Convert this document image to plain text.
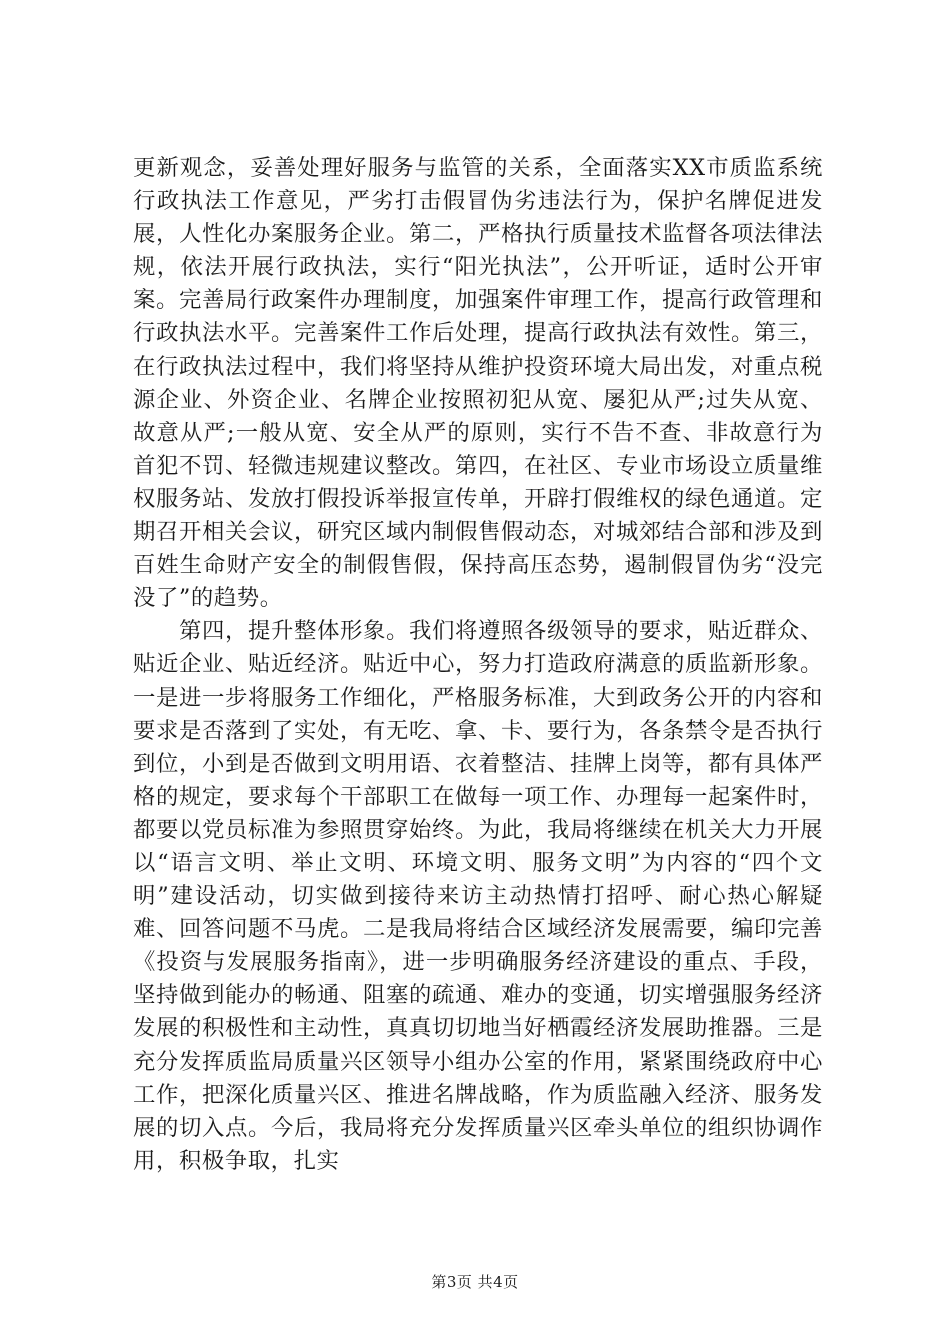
更新观念，妥善处理好服务与监管的关系，全面落实XX市质监系统行政执法工作意见，严劣打击假冒伪劣违法行为，保护名牌促进发展，人性化办案服务企业。第二，严格执行质量技术监督各项法律法规，依法开展行政执法，实行“阳光执法”，公开听证，适时公开审案。完善局行政案件办理制度，加强案件审理工作，提高行政管理和行政执法水平。完善案件工作后处理，提高行政执法有效性。第三，在行政执法过程中，我们将坚持从维护投资环境大局出发，对重点税源企业、外资企业、名牌企业按照初犯从宽、屡犯从严;过失从宽、故意从严;一般从宽、安全从严的原则，实行不告不查、非故意行为首犯不罚、轻微违规建议整改。第四，在社区、专业市场设立质量维权服务站、发放打假投诉举报宣传单，开辟打假维权的绿色通道。定期召开相关会议，研究区域内制假售假动态，对城郊结合部和涉及到百姓生命财产安全的制假售假，保持高压态势，遏制假冒伪劣“没完没了”的趋势。

第四，提升整体形象。我们将遵照各级领导的要求，贴近群众、贴近企业、贴近经济。贴近中心，努力打造政府满意的质监新形象。一是进一步将服务工作细化，严格服务标准，大到政务公开的内容和要求是否落到了实处，有无吃、拿、卡、要行为，各条禁令是否执行到位，小到是否做到文明用语、衣着整洁、挂牌上岗等，都有具体严格的规定，要求每个干部职工在做每一项工作、办理每一起案件时，都要以党员标准为参照贯穿始终。为此，我局将继续在机关大力开展以“语言文明、举止文明、环境文明、服务文明”为内容的“四个文明”建设活动，切实做到接待来访主动热情打招呼、耐心热心解疑难、回答问题不马虎。二是我局将结合区域经济发展需要，编印完善《投资与发展服务指南》，进一步明确服务经济建设的重点、手段，坚持做到能办的畅通、阻塞的疏通、难办的变通，切实增强服务经济发展的积极性和主动性，真真切切地当好栖霞经济发展助推器。三是充分发挥质监局质量兴区领导小组办公室的作用，紧紧围绕政府中心工作，把深化质量兴区、推进名牌战略，作为质监融入经济、服务发展的切入点。今后，我局将充分发挥质量兴区牵头单位的组织协调作用，积极争取，扎实

第3页 共4页
